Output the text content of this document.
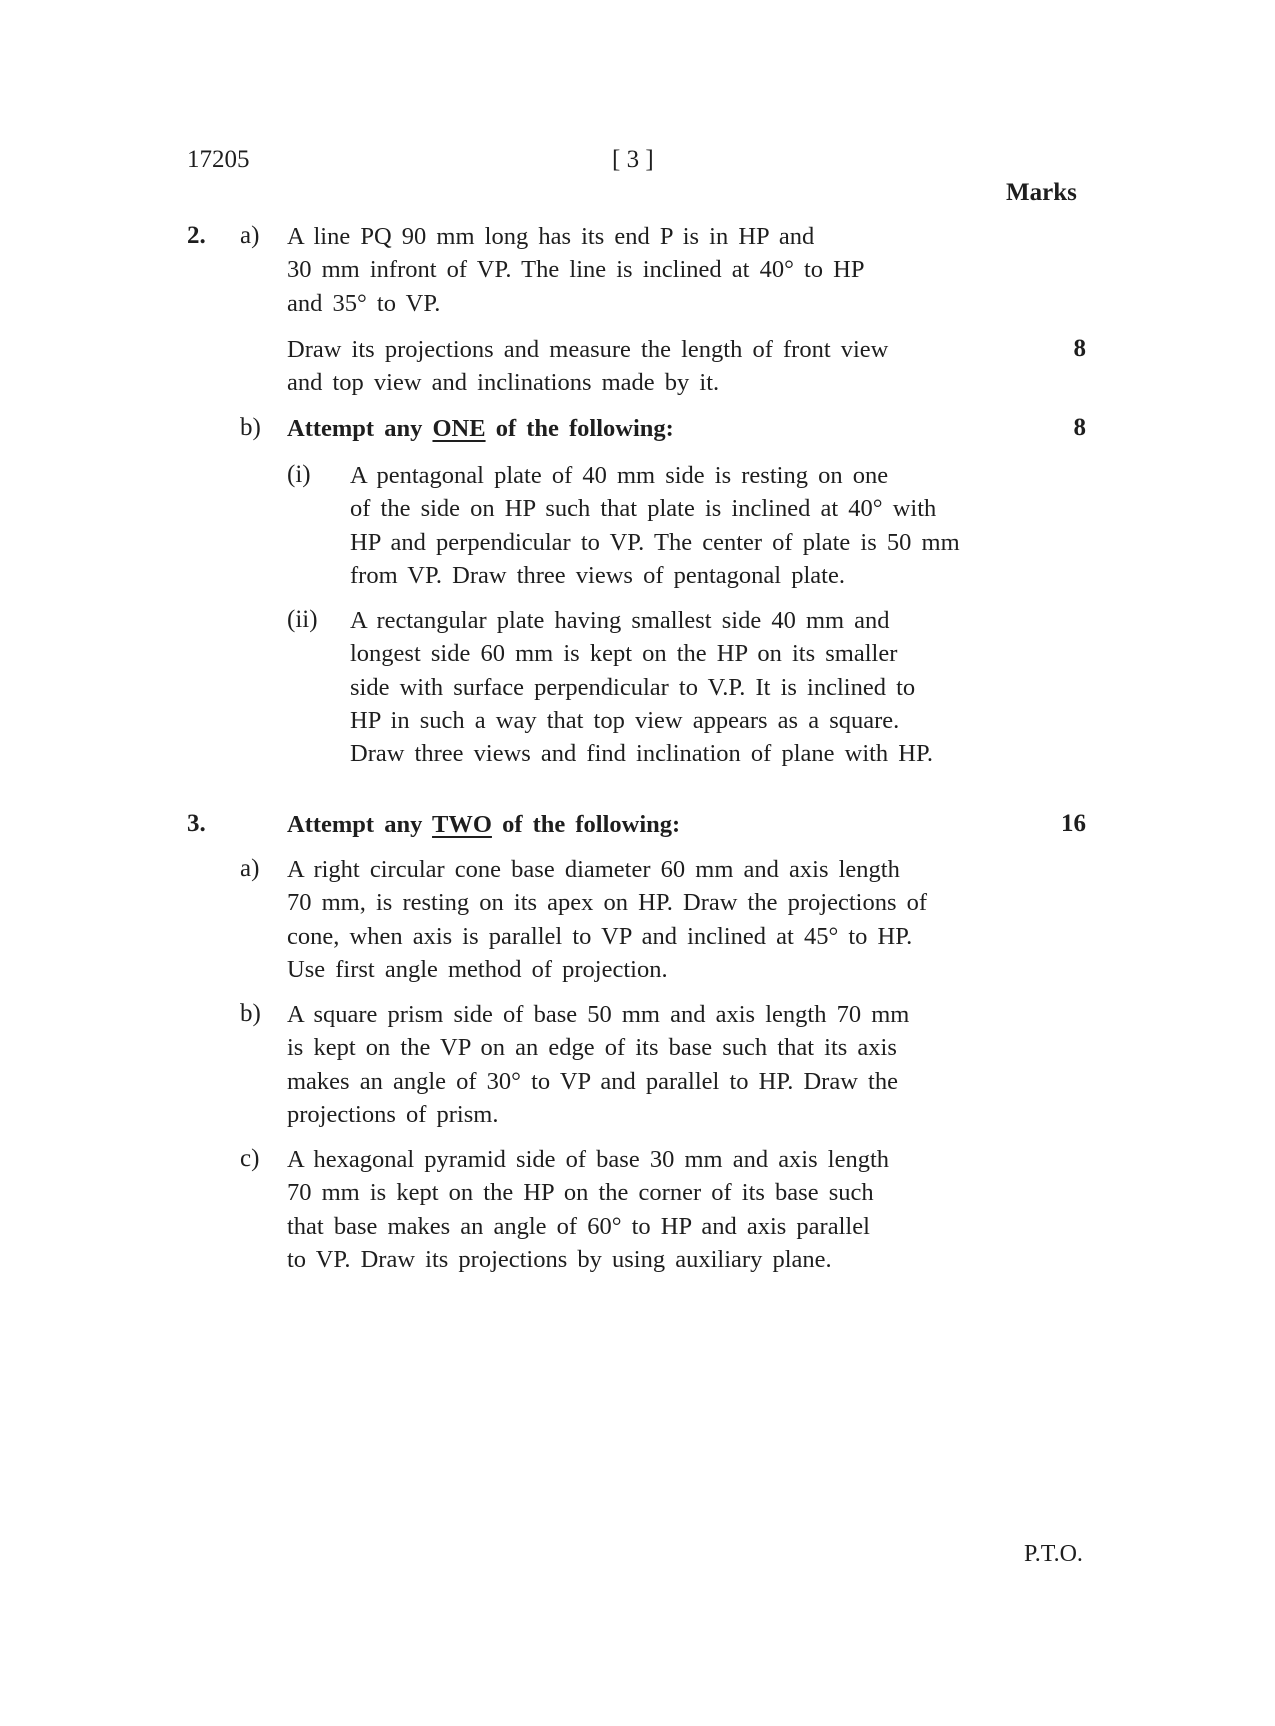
17205	[ 3 ]
Marks
2. a) A line PQ 90 mm long has its end P is in HP and
30 mm infront of VP. The line is inclined at 40° to HP
and 35° to VP.
Draw its projections and measure the length of front view
and top view and inclinations made by it.
8
b) Attempt any ONE of the following:	8
(i) A pentagonal plate of 40 mm side is resting on one
of the side on HP such that plate is inclined at 40° with
HP and perpendicular to VP. The center of plate is 50 mm
from VP. Draw three views of pentagonal plate.
(ii) A rectangular plate having smallest side 40 mm and
longest side 60 mm is kept on the HP on its smaller
side with surface perpendicular to V.P. It is inclined to
HP in such a way that top view appears as a square.
Draw three views and find inclination of plane with HP.
3.	Attempt any TWO of the following:	16
a) A right circular cone base diameter 60 mm and axis length
70 mm, is resting on its apex on HP. Draw the projections of
cone, when axis is parallel to VP and inclined at 45° to HP.
Use first angle method of projection.
b) A square prism side of base 50 mm and axis length 70 mm
is kept on the VP on an edge of its base such that its axis
makes an angle of 30° to VP and parallel to HP. Draw the
projections of prism.
c) A hexagonal pyramid side of base 30 mm and axis length
70 mm is kept on the HP on the corner of its base such
that base makes an angle of 60° to HP and axis parallel
to VP. Draw its projections by using auxiliary plane.
P.T.O.
